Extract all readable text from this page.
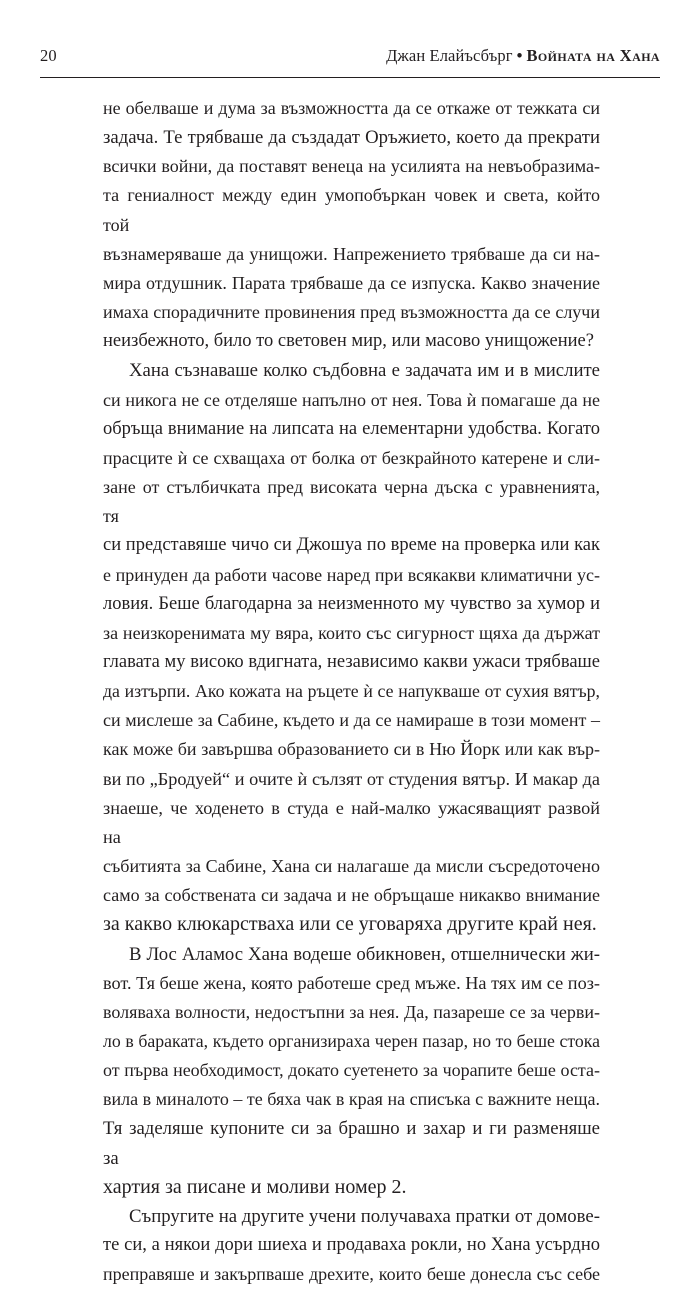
20	Джан Елайъсбърг • Войната на Хана

не обелваше и дума за възможността да се откаже от тежката си

задача. Те трябваше да създадат Оръжието, което да прекрати

всички войни, да поставят венеца на усилията на невъобразима-

та гениалност между един умопобъркан човек и света, който той

възнамеряваше да унищожи. Напрежението трябваше да си на-

мира отдушник. Парата трябваше да се изпуска. Какво значение

имаха спорадичните провинения пред възможността да се случи

неизбежното, било то световен мир, или масово унищожение?

Хана съзнаваше колко съдбовна е задачата им и в мислите

си никога не се отделяше напълно от нея. Това ѝ помагаше да не

обръща внимание на липсата на елементарни удобства. Когато

прасците ѝ се схващаха от болка от безкрайното катерене и сли-

зане от стълбичката пред високата черна дъска с уравненията, тя

си представяше чичо си Джошуа по време на проверка или как

е принуден да работи часове наред при всякакви климатични ус-

ловия. Беше благодарна за неизменното му чувство за хумор и

за неизкоренимата му вяра, които със сигурност щяха да държат

главата му високо вдигната, независимо какви ужаси трябваше

да изтърпи. Ако кожата на ръцете ѝ се напукваше от сухия вятър,

си мислеше за Сабине, където и да се намираше в този момент –

как може би завършва образованието си в Ню Йорк или как вър-

ви по „Бродуей“ и очите ѝ сълзят от студения вятър. И макар да

знаеше, че ходенето в студа е най-малко ужасяващият развой на

събитията за Сабине, Хана си налагаше да мисли съсредоточено

само за собствената си задача и не обръщаше никакво внимание

за какво клюкарстваха или се уговаряха другите край нея.

В Лос Аламос Хана водеше обикновен, отшелнически жи-

вот. Тя беше жена, която работеше сред мъже. На тях им се поз-

воляваха волности, недостъпни за нея. Да, пазареше се за черви-

ло в бараката, където организираха черен пазар, но то беше стока

от първа необходимост, докато суетенето за чорапите беше оста-

вила в миналото – те бяха чак в края на списъка с важните неща.

Тя заделяше купоните си за брашно и захар и ги разменяше за

хартия за писане и моливи номер 2.

Съпругите на другите учени получаваха пратки от домове-

те си, а някои дори шиеха и продаваха рокли, но Хана усърдно

преправяше и закърпваше дрехите, които беше донесла със себе
